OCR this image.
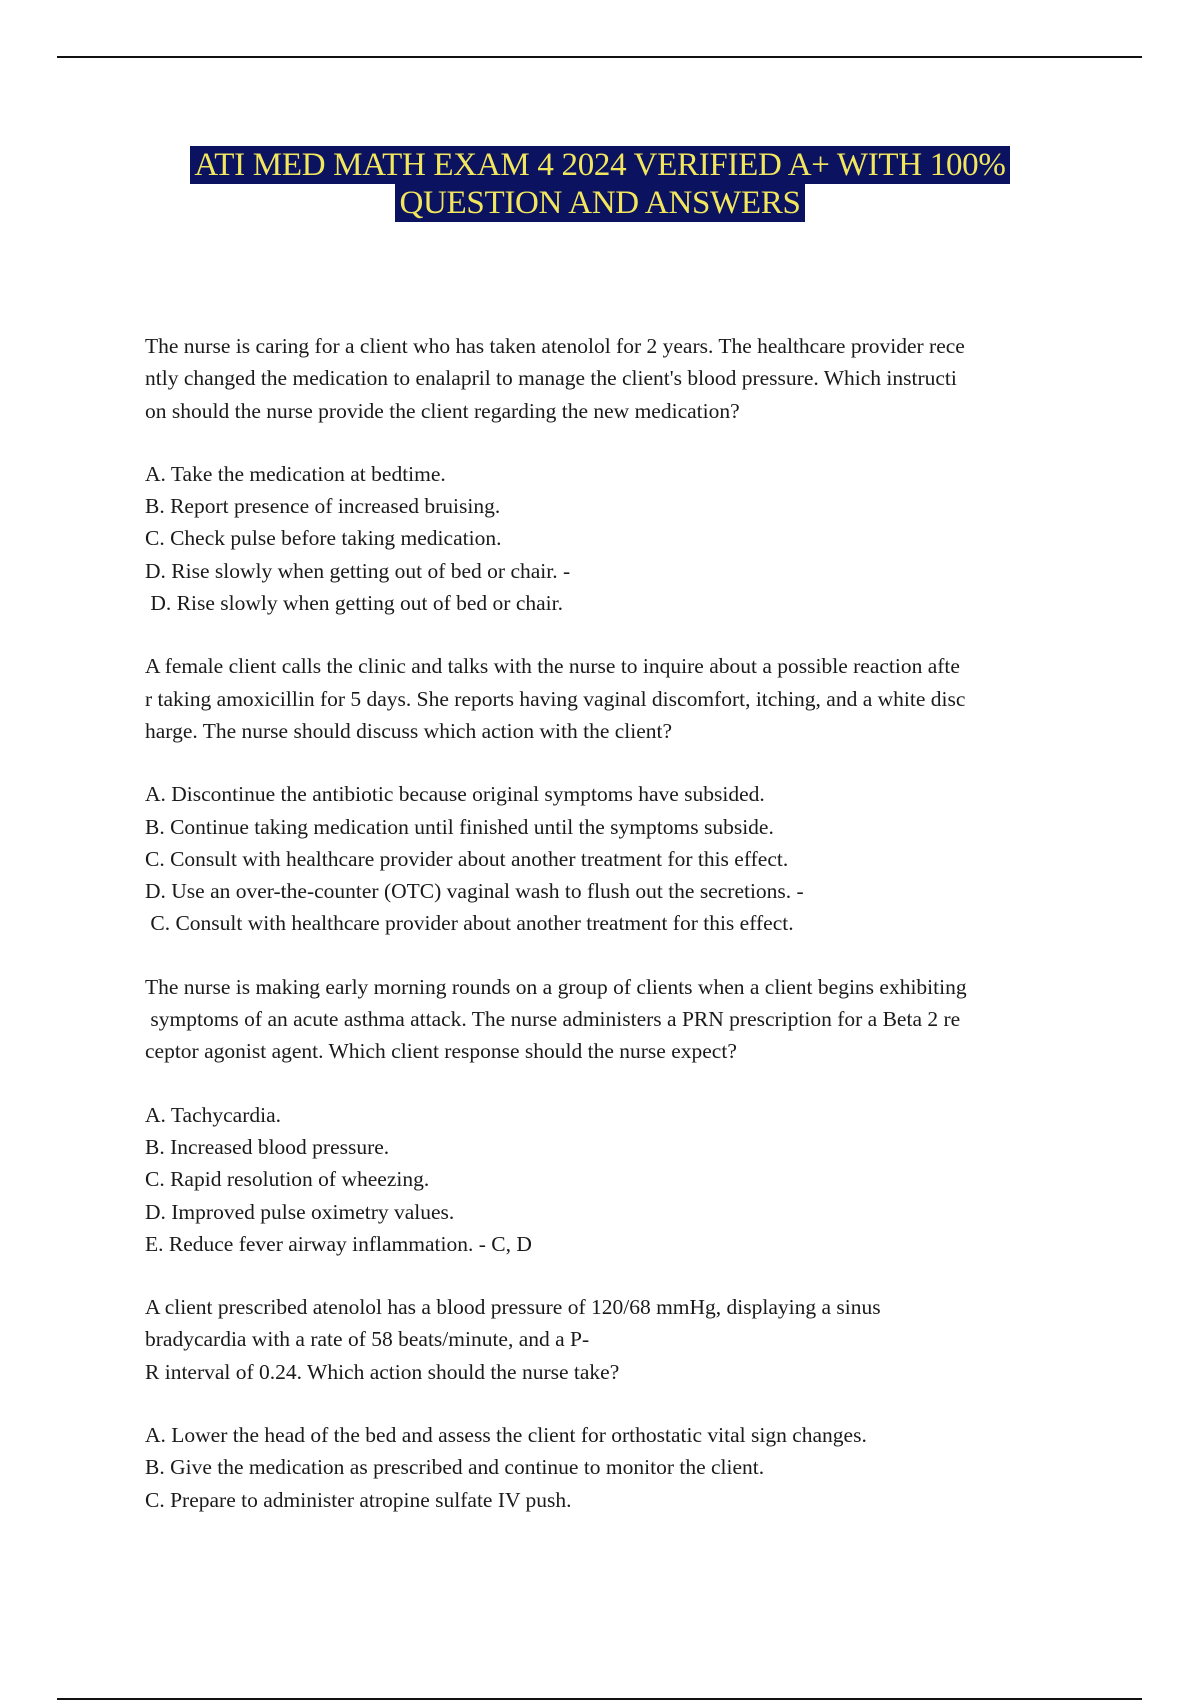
ATI MED MATH EXAM 4 2024 VERIFIED A+ WITH 100%
QUESTION AND ANSWERS
The nurse is caring for a client who has taken atenolol for 2 years. The healthcare provider rece
ntly changed the medication to enalapril to manage the client's blood pressure. Which instructi
on should the nurse provide the client regarding the new medication?
A. Take the medication at bedtime.
B. Report presence of increased bruising.
C. Check pulse before taking medication.
D. Rise slowly when getting out of bed or chair. -
D. Rise slowly when getting out of bed or chair.
A female client calls the clinic and talks with the nurse to inquire about a possible reaction afte
r taking amoxicillin for 5 days. She reports having vaginal discomfort, itching, and a white disc
harge. The nurse should discuss which action with the client?
A. Discontinue the antibiotic because original symptoms have subsided.
B. Continue taking medication until finished until the symptoms subside.
C. Consult with healthcare provider about another treatment for this effect.
D. Use an over-the-counter (OTC) vaginal wash to flush out the secretions. -
C. Consult with healthcare provider about another treatment for this effect.
The nurse is making early morning rounds on a group of clients when a client begins exhibiting
symptoms of an acute asthma attack. The nurse administers a PRN prescription for a Beta 2 re
ceptor agonist agent. Which client response should the nurse expect?
A. Tachycardia.
B. Increased blood pressure.
C. Rapid resolution of wheezing.
D. Improved pulse oximetry values.
E. Reduce fever airway inflammation. - C, D
A client prescribed atenolol has a blood pressure of 120/68 mmHg, displaying a sinus
bradycardia with a rate of 58 beats/minute, and a P-
R interval of 0.24. Which action should the nurse take?
A. Lower the head of the bed and assess the client for orthostatic vital sign changes.
B. Give the medication as prescribed and continue to monitor the client.
C. Prepare to administer atropine sulfate IV push.
